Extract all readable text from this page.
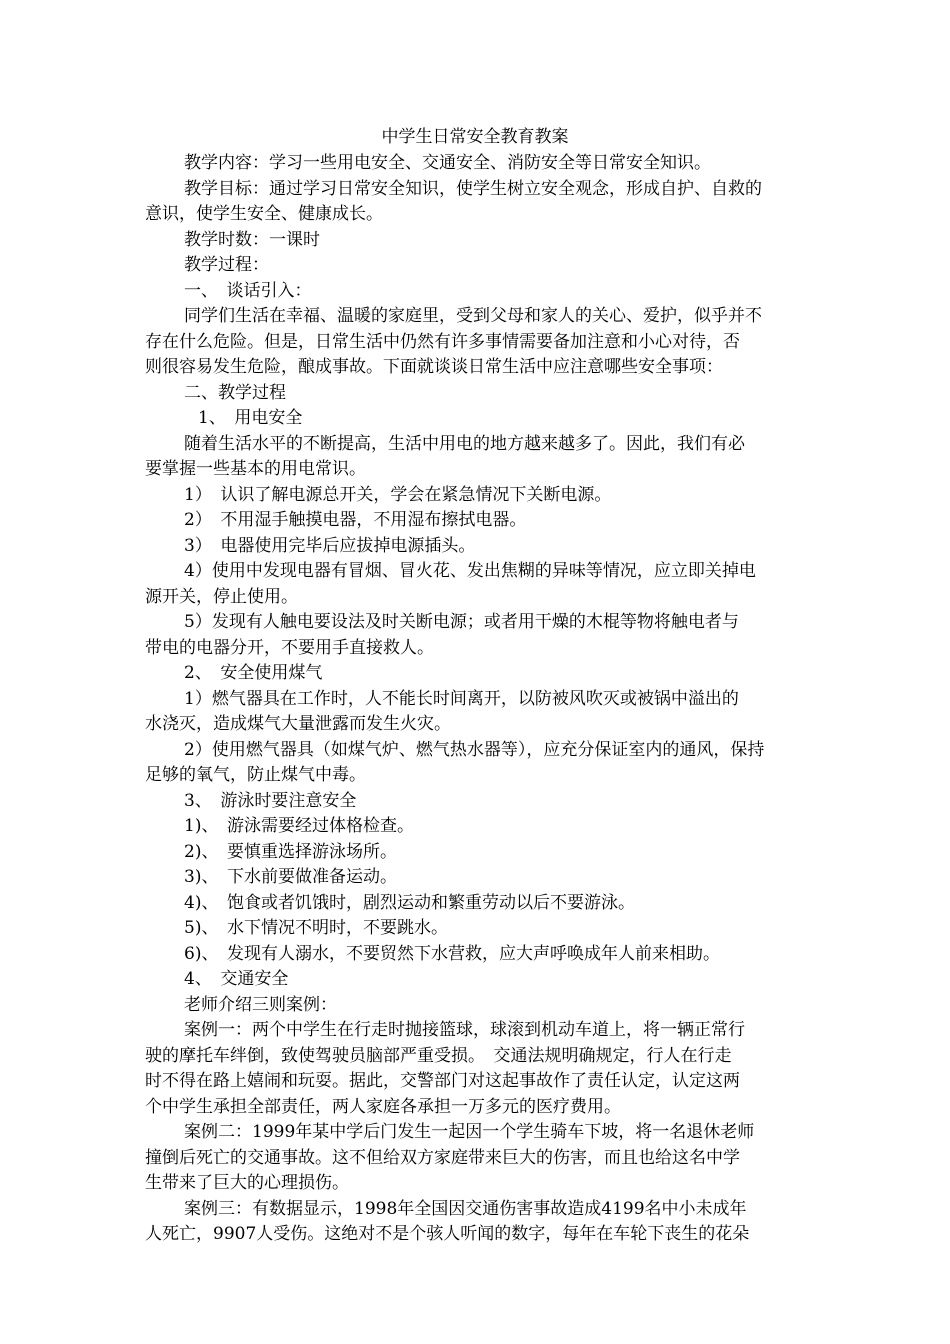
中学生日常安全教育教案
教学内容：学习一些用电安全、交通安全、消防安全等日常安全知识。
教学目标：通过学习日常安全知识，使学生树立安全观念，形成自护、自救的
意识，使学生安全、健康成长。
教学时数：一课时
教学过程：
一、　谈话引入：
同学们生活在幸福、温暖的家庭里，受到父母和家人的关心、爱护，似乎并不
存在什么危险。但是，日常生活中仍然有许多事情需要备加注意和小心对待，否
则很容易发生危险，酿成事故。下面就谈谈日常生活中应注意哪些安全事项：
二、教学过程
1、　用电安全
随着生活水平的不断提高，生活中用电的地方越来越多了。因此，我们有必
要掌握一些基本的用电常识。
1）　认识了解电源总开关，学会在紧急情况下关断电源。
2）　不用湿手触摸电器，不用湿布擦拭电器。
3）　电器使用完毕后应拔掉电源插头。
4）使用中发现电器有冒烟、冒火花、发出焦糊的异味等情况，应立即关掉电
源开关，停止使用。
5）发现有人触电要设法及时关断电源；或者用干燥的木棍等物将触电者与
带电的电器分开，不要用手直接救人。
2、　安全使用煤气
1）燃气器具在工作时，人不能长时间离开，以防被风吹灭或被锅中溢出的
水浇灭，造成煤气大量泄露而发生火灾。
2）使用燃气器具（如煤气炉、燃气热水器等），应充分保证室内的通风，保持
足够的氧气，防止煤气中毒。
3、　游泳时要注意安全
1)、　游泳需要经过体格检查。
2)、　要慎重选择游泳场所。
3)、　下水前要做准备运动。
4)、　饱食或者饥饿时，剧烈运动和繁重劳动以后不要游泳。
5)、　水下情况不明时，不要跳水。
6)、　发现有人溺水，不要贸然下水营救，应大声呼唤成年人前来相助。
4、　交通安全
老师介绍三则案例：
案例一：两个中学生在行走时抛接篮球，球滚到机动车道上，将一辆正常行
驶的摩托车绊倒，致使驾驶员脑部严重受损。　交通法规明确规定，行人在行走
时不得在路上嬉闹和玩耍。据此，交警部门对这起事故作了责任认定，认定这两
个中学生承担全部责任，两人家庭各承担一万多元的医疗费用。
案例二：1999年某中学后门发生一起因一个学生骑车下坡，将一名退休老师
撞倒后死亡的交通事故。这不但给双方家庭带来巨大的伤害，而且也给这名中学
生带来了巨大的心理损伤。
案例三：有数据显示，1998年全国因交通伤害事故造成4199名中小未成年
人死亡，9907人受伤。这绝对不是个骇人听闻的数字，每年在车轮下丧生的花朵
